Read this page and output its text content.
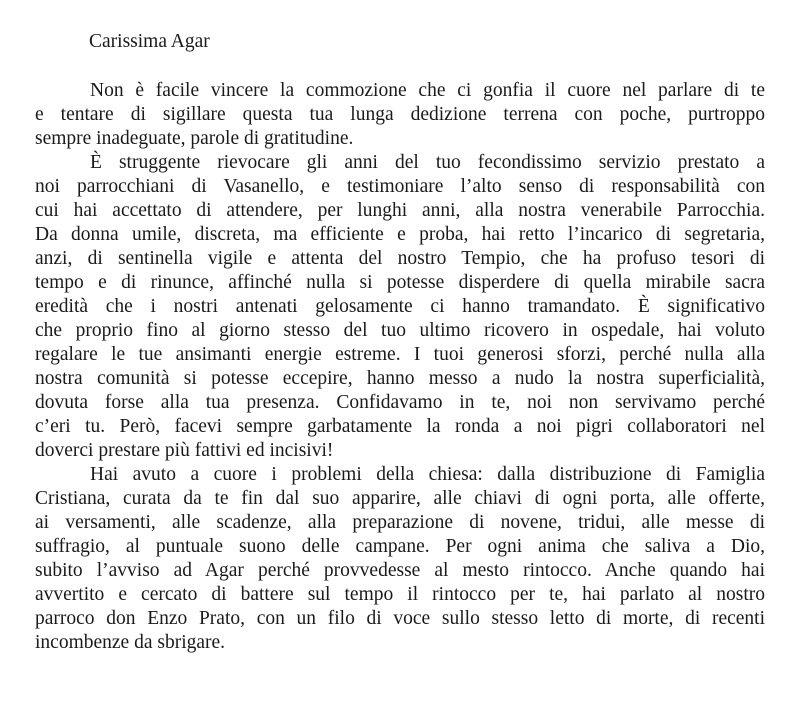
Carissima Agar

Non è facile vincere la commozione che ci gonfia il cuore nel parlare di te
e tentare di sigillare questa tua lunga dedizione terrena con poche, purtroppo
sempre inadeguate, parole di gratitudine.

È struggente rievocare gli anni del tuo fecondissimo servizio prestato a
noi parrocchiani di Vasanello, e testimoniare l’alto senso di responsabilità con
cui hai accettato di attendere, per lunghi anni, alla nostra venerabile Parrocchia.
Da donna umile, discreta, ma efficiente e proba, hai retto l’incarico di segretaria,
anzi, di sentinella vigile e attenta del nostro Tempio, che ha profuso tesori di
tempo e di rinunce, affinché nulla si potesse disperdere di quella mirabile sacra
eredità che i nostri antenati gelosamente ci hanno tramandato. È significativo
che proprio fino al giorno stesso del tuo ultimo ricovero in ospedale, hai voluto
regalare le tue ansimanti energie estreme. I tuoi generosi sforzi, perché nulla alla
nostra comunità si potesse eccepire, hanno messo a nudo la nostra superficialità,
dovuta forse alla tua presenza. Confidavamo in te, noi non servivamo perché
c’eri tu. Però, facevi sempre garbatamente la ronda a noi pigri collaboratori nel
doverci prestare più fattivi ed incisivi!

Hai avuto a cuore i problemi della chiesa: dalla distribuzione di Famiglia
Cristiana, curata da te fin dal suo apparire, alle chiavi di ogni porta, alle offerte,
ai versamenti, alle scadenze, alla preparazione di novene, tridui, alle messe di
suffragio, al puntuale suono delle campane. Per ogni anima che saliva a Dio,
subito l’avviso ad Agar perché provvedesse al mesto rintocco. Anche quando hai
avvertito e cercato di battere sul tempo il rintocco per te, hai parlato al nostro
parroco don Enzo Prato, con un filo di voce sullo stesso letto di morte, di recenti
incombenze da sbrigare.
